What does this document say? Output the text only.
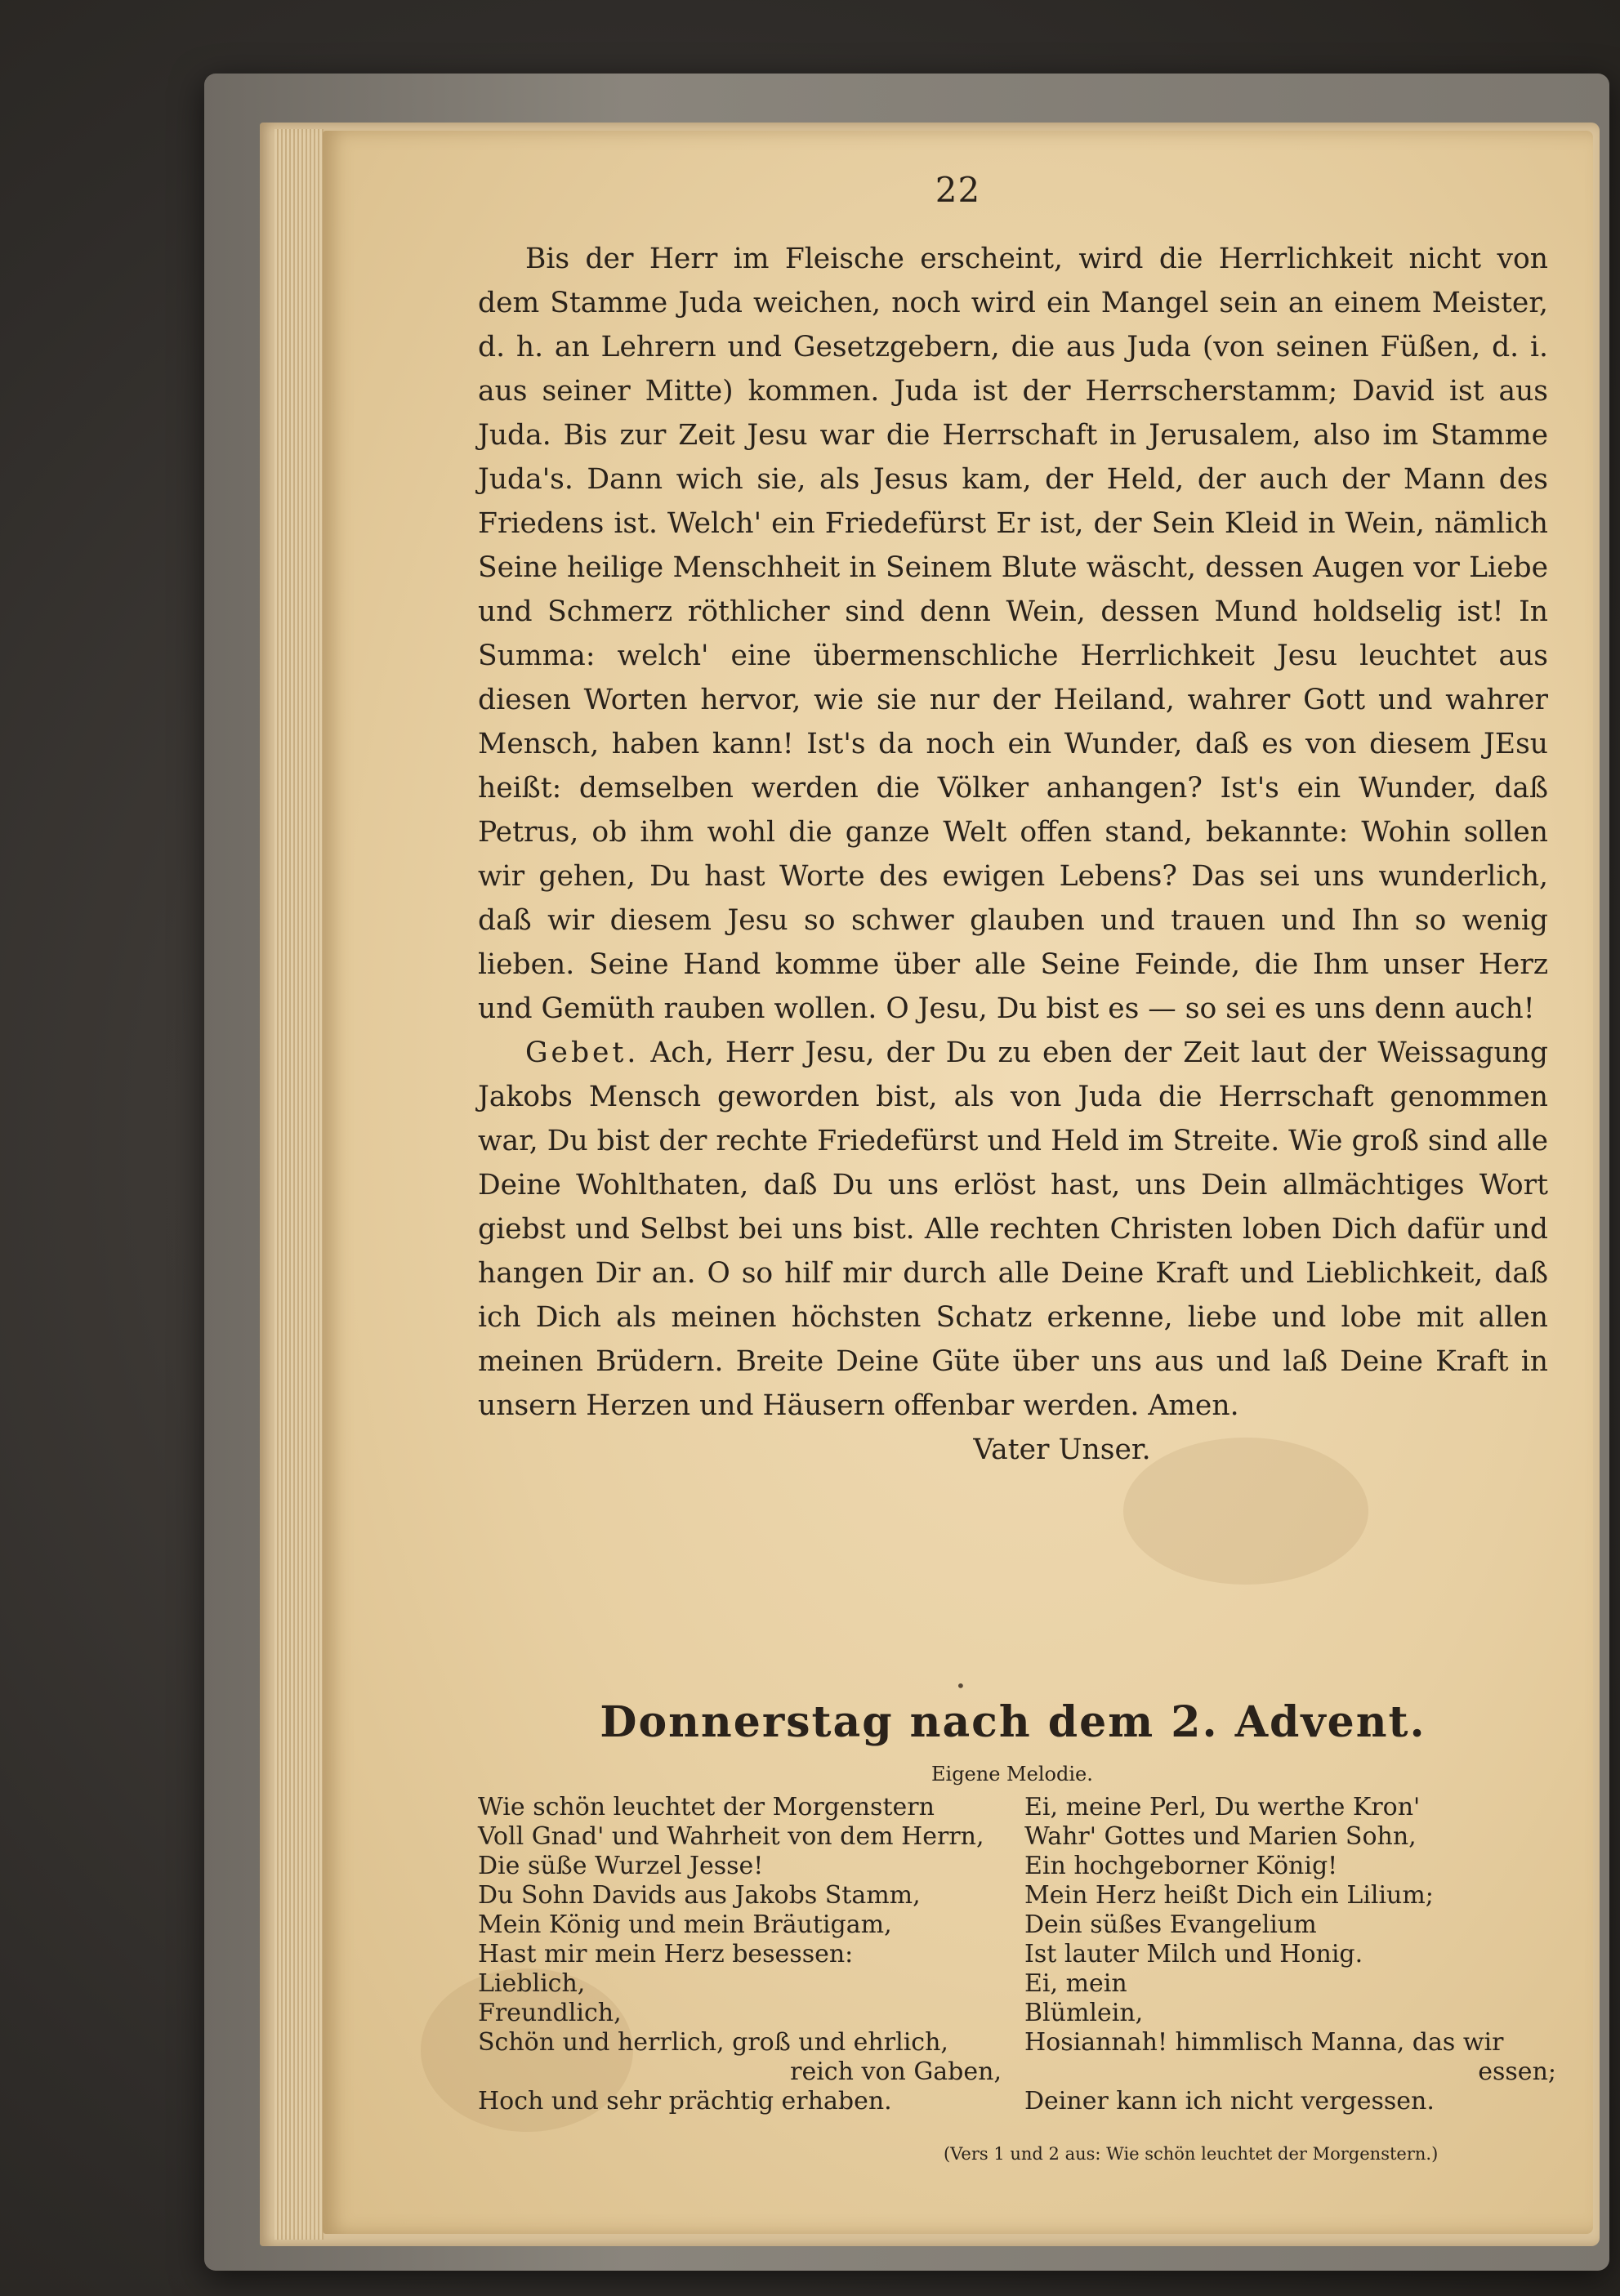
22

Bis der Herr im Fleische erscheint, wird die Herrlichkeit nicht von dem Stamme Juda weichen, noch wird ein Mangel sein an einem Meister, d. h. an Lehrern und Gesetzgebern, die aus Juda (von seinen Füßen, d. i. aus seiner Mitte) kommen. Juda ist der Herrscherstamm; David ist aus Juda. Bis zur Zeit Jesu war die Herrschaft in Jerusalem, also im Stamme Juda's. Dann wich sie, als Jesus kam, der Held, der auch der Mann des Friedens ist. Welch' ein Friedefürst Er ist, der Sein Kleid in Wein, nämlich Seine heilige Menschheit in Seinem Blute wäscht, dessen Augen vor Liebe und Schmerz röthlicher sind denn Wein, dessen Mund holdselig ist! In Summa: welch' eine übermenschliche Herrlichkeit Jesu leuchtet aus diesen Worten hervor, wie sie nur der Heiland, wahrer Gott und wahrer Mensch, haben kann! Ist's da noch ein Wunder, daß es von diesem JEsu heißt: demselben werden die Völker anhangen? Ist's ein Wunder, daß Petrus, ob ihm wohl die ganze Welt offen stand, bekannte: Wohin sollen wir gehen, Du hast Worte des ewigen Lebens? Das sei uns wunderlich, daß wir diesem Jesu so schwer glauben und trauen und Ihn so wenig lieben. Seine Hand komme über alle Seine Feinde, die Ihm unser Herz und Gemüth rauben wollen. O Jesu, Du bist es — so sei es uns denn auch!

Gebet. Ach, Herr Jesu, der Du zu eben der Zeit laut der Weissagung Jakobs Mensch geworden bist, als von Juda die Herrschaft genommen war, Du bist der rechte Friedefürst und Held im Streite. Wie groß sind alle Deine Wohlthaten, daß Du uns erlöst hast, uns Dein allmächtiges Wort giebst und Selbst bei uns bist. Alle rechten Christen loben Dich dafür und hangen Dir an. O so hilf mir durch alle Deine Kraft und Lieblichkeit, daß ich Dich als meinen höchsten Schatz erkenne, liebe und lobe mit allen meinen Brüdern. Breite Deine Güte über uns aus und laß Deine Kraft in unsern Herzen und Häusern offenbar werden. Amen.

Vater Unser.

•
Donnerstag nach dem 2. Advent.
Eigene Melodie.
Wie schön leuchtet der Morgenstern
Voll Gnad' und Wahrheit von dem Herrn,
Die süße Wurzel Jesse!
Du Sohn Davids aus Jakobs Stamm,
Mein König und mein Bräutigam,
Hast mir mein Herz besessen:
Lieblich,
Freundlich,
Schön und herrlich, groß und ehrlich,
reich von Gaben,
Hoch und sehr prächtig erhaben.
Ei, meine Perl, Du werthe Kron'
Wahr' Gottes und Marien Sohn,
Ein hochgeborner König!
Mein Herz heißt Dich ein Lilium;
Dein süßes Evangelium
Ist lauter Milch und Honig.
Ei, mein
Blümlein,
Hosiannah! himmlisch Manna, das wir
essen;
Deiner kann ich nicht vergessen.
(Vers 1 und 2 aus: Wie schön leuchtet der Morgenstern.)
